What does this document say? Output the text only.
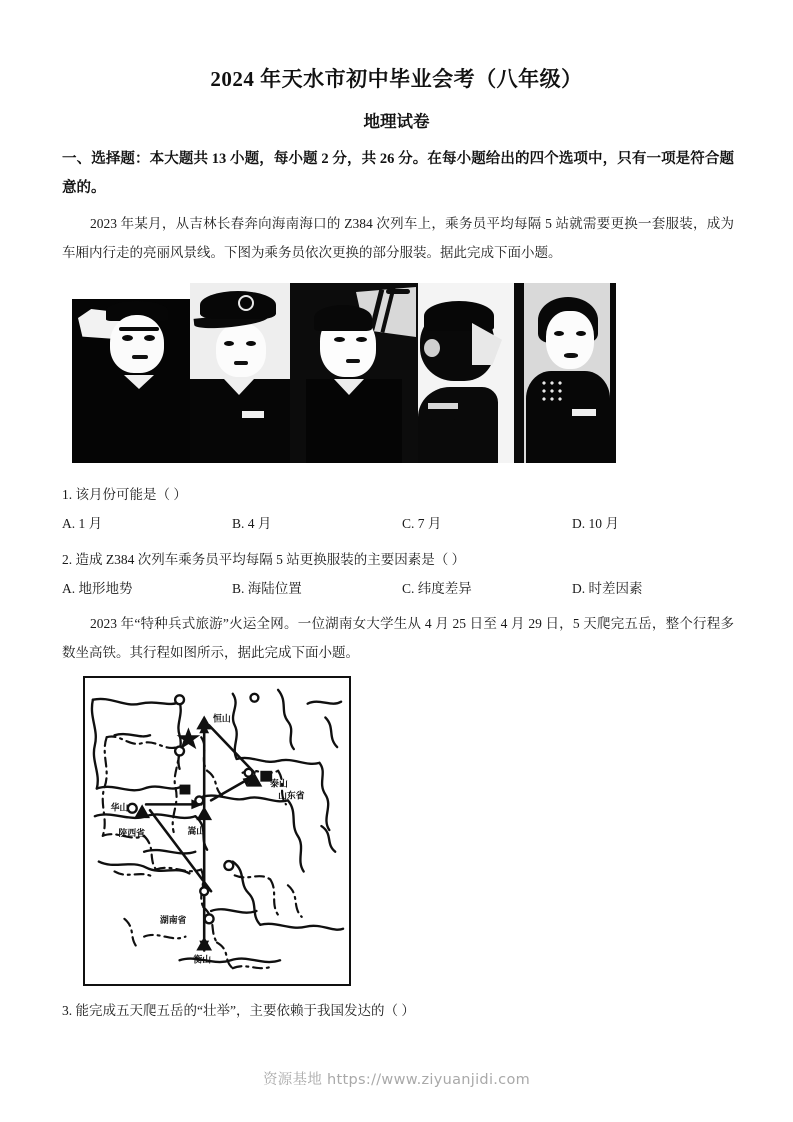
2024 年天水市初中毕业会考（八年级）
地理试卷
一、选择题：本大题共 13 小题，每小题 2 分，共 26 分。在每小题给出的四个选项中，只有一项是符合题意的。
2023 年某月，从吉林长春奔向海南海口的 Z384 次列车上，乘务员平均每隔 5 站就需要更换一套服装，成为车厢内行走的亮丽风景线。下图为乘务员依次更换的部分服装。据此完成下面小题。
1. 该月份可能是（ ）
A. 1 月	B. 4 月	C. 7 月	D. 10 月
2. 造成 Z384 次列车乘务员平均每隔 5 站更换服装的主要因素是（ ）
A. 地形地势	B. 海陆位置	C. 纬度差异	D. 时差因素
2023 年“特种兵式旅游”火运全网。一位湖南女大学生从 4 月 25 日至 4 月 29 日，5 天爬完五岳，整个行程多数坐高铁。其行程如图所示，据此完成下面小题。
恒山
华山
嵩山
泰山
衡山
陕西省
山东省
湖南省
3. 能完成五天爬五岳的“壮举”，主要依赖于我国发达的（ ）
资源基地 https://www.ziyuanjidi.com
